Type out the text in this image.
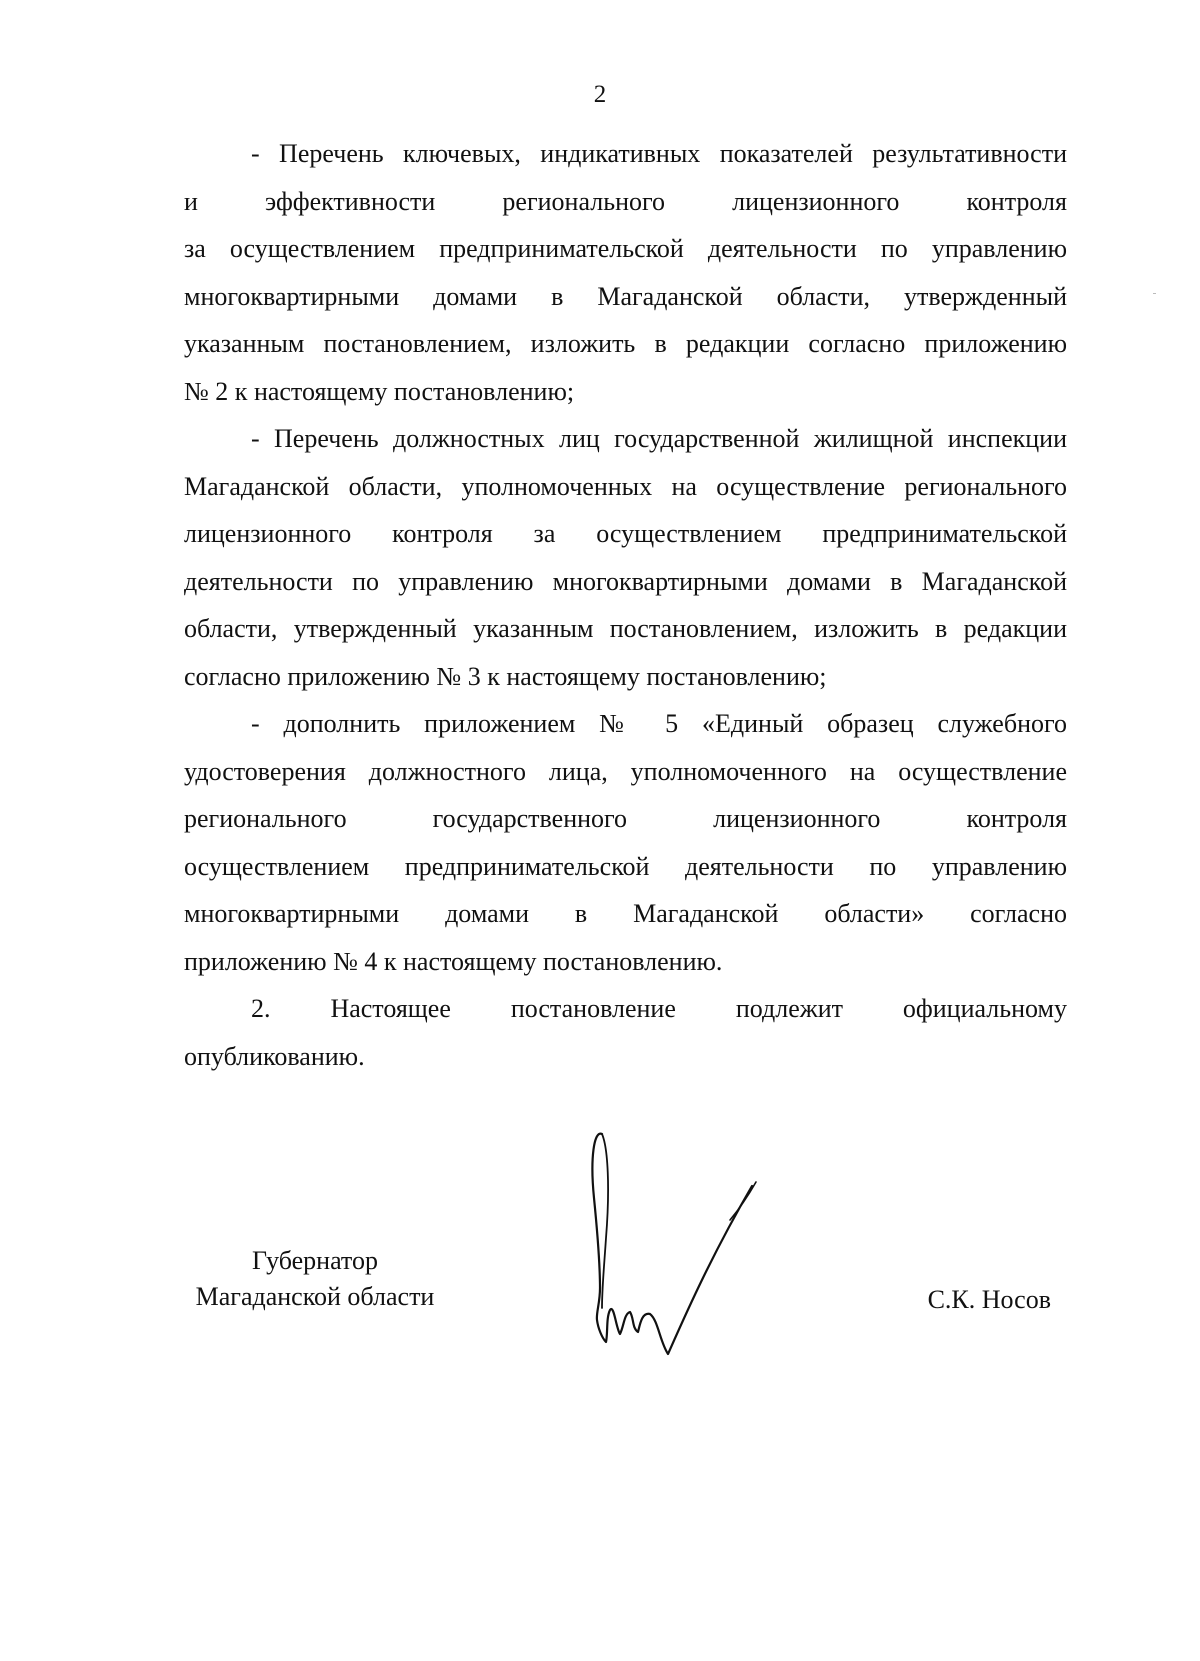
2

- Перечень ключевых, индикативных показателей результативности
и эффективности регионального лицензионного контроля
за осуществлением предпринимательской деятельности по управлению
многоквартирными домами в Магаданской области, утвержденный
указанным постановлением, изложить в редакции согласно приложению
№ 2 к настоящему постановлению;

- Перечень должностных лиц государственной жилищной инспекции
Магаданской области, уполномоченных на осуществление регионального
лицензионного контроля за осуществлением предпринимательской
деятельности по управлению многоквартирными домами в Магаданской
области, утвержденный указанным постановлением, изложить в редакции
согласно приложению № 3 к настоящему постановлению;

- дополнить приложением № 5 «Единый образец служебного
удостоверения должностного лица, уполномоченного на осуществление
регионального государственного лицензионного контроля
осуществлением предпринимательской деятельности по управлению
многоквартирными домами в Магаданской области» согласно
приложению № 4 к настоящему постановлению.

2. Настоящее постановление подлежит официальному
опубликованию.
Губернатор
Магаданской области	С.К. Носов
